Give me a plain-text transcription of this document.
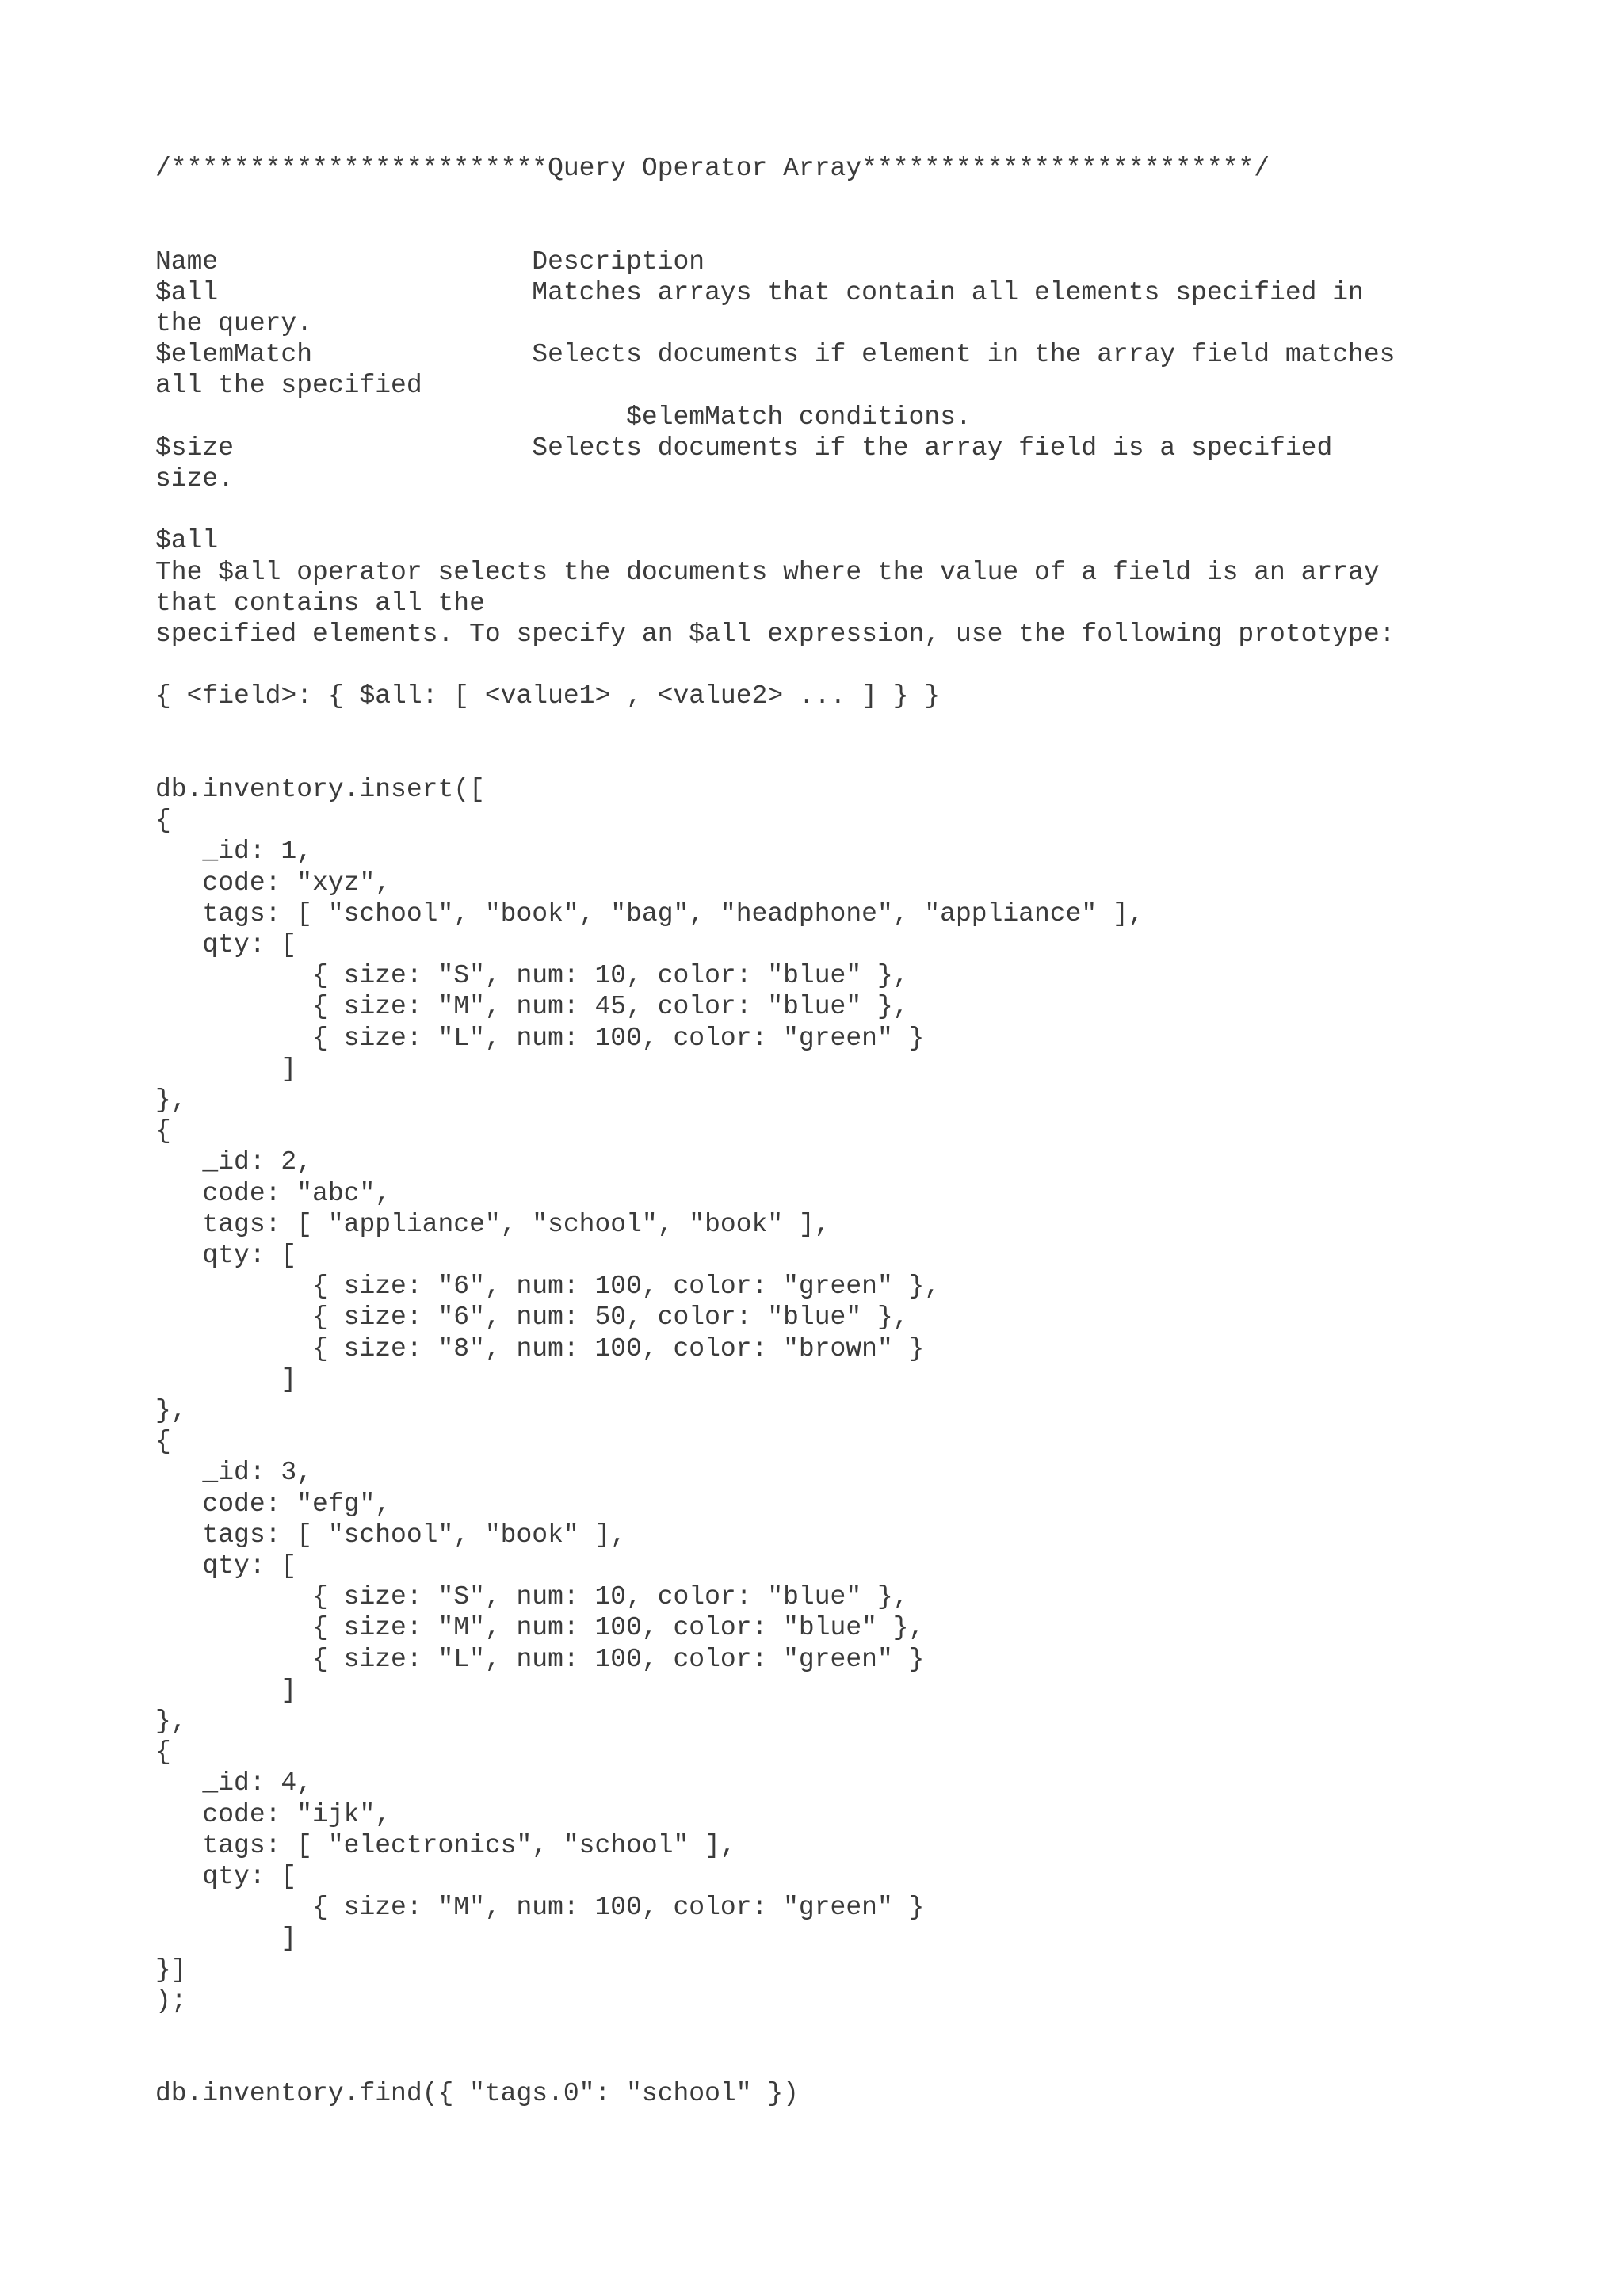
/************************Query Operator Array*************************/
Name                    Description
$all                    Matches arrays that contain all elements specified in
the query.
$elemMatch              Selects documents if element in the array field matches
all the specified
$elemMatch conditions.
$size                   Selects documents if the array field is a specified
size.
$all
The $all operator selects the documents where the value of a field is an array
that contains all the
specified elements. To specify an $all expression, use the following prototype:
{ <field>: { $all: [ <value1> , <value2> ... ] } }
db.inventory.insert([
{
_id: 1,
code: "xyz",
tags: [ "school", "book", "bag", "headphone", "appliance" ],
qty: [
{ size: "S", num: 10, color: "blue" },
{ size: "M", num: 45, color: "blue" },
{ size: "L", num: 100, color: "green" }
]
},
{
_id: 2,
code: "abc",
tags: [ "appliance", "school", "book" ],
qty: [
{ size: "6", num: 100, color: "green" },
{ size: "6", num: 50, color: "blue" },
{ size: "8", num: 100, color: "brown" }
]
},
{
_id: 3,
code: "efg",
tags: [ "school", "book" ],
qty: [
{ size: "S", num: 10, color: "blue" },
{ size: "M", num: 100, color: "blue" },
{ size: "L", num: 100, color: "green" }
]
},
{
_id: 4,
code: "ijk",
tags: [ "electronics", "school" ],
qty: [
{ size: "M", num: 100, color: "green" }
]
}]
);
db.inventory.find({ "tags.0": "school" })
